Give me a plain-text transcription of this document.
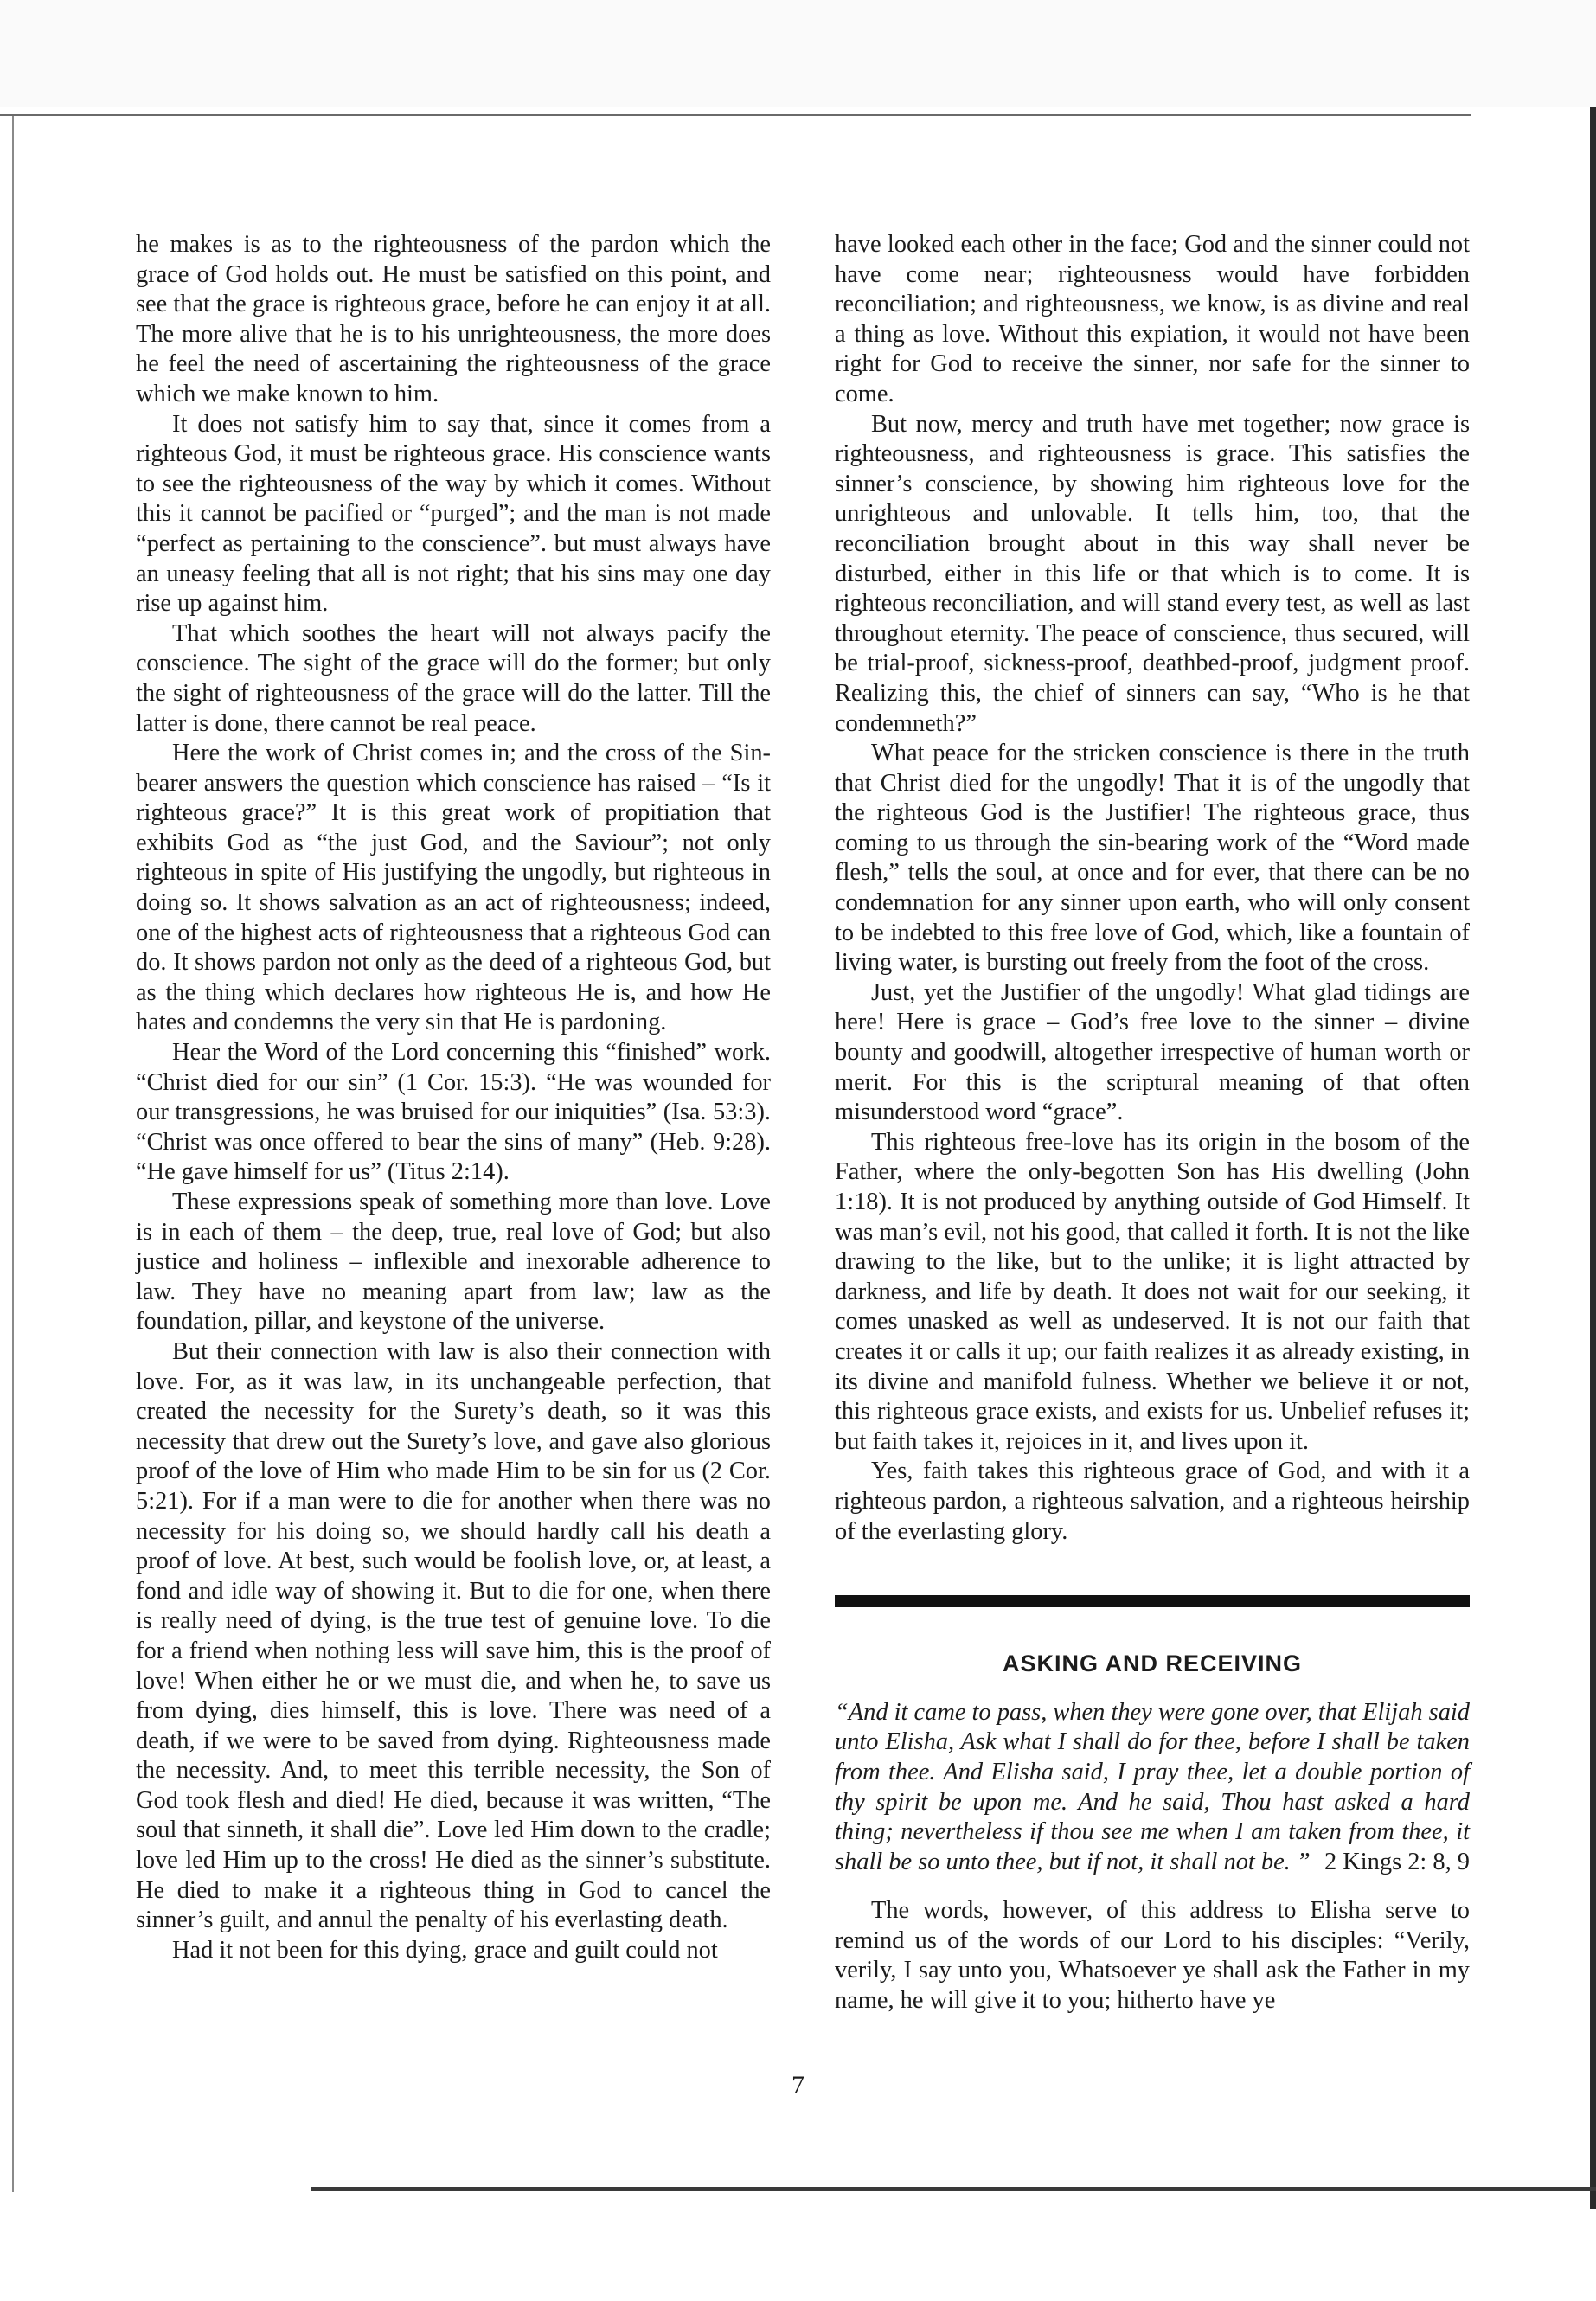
he makes is as to the righteousness of the pardon which the grace of God holds out. He must be satisfied on this point, and see that the grace is righteous grace, before he can enjoy it at all. The more alive that he is to his unrighteousness, the more does he feel the need of ascertaining the righteousness of the grace which we make known to him.

It does not satisfy him to say that, since it comes from a righteous God, it must be righteous grace. His conscience wants to see the righteousness of the way by which it comes. Without this it cannot be pacified or “purged”; and the man is not made “perfect as pertaining to the conscience”. but must always have an uneasy feeling that all is not right; that his sins may one day rise up against him.

That which soothes the heart will not always pacify the conscience. The sight of the grace will do the former; but only the sight of righteousness of the grace will do the latter. Till the latter is done, there cannot be real peace.

Here the work of Christ comes in; and the cross of the Sin-bearer answers the question which conscience has raised – “Is it righteous grace?” It is this great work of propitiation that exhibits God as “the just God, and the Saviour”; not only righteous in spite of His justifying the ungodly, but righteous in doing so. It shows salvation as an act of righteousness; indeed, one of the highest acts of righteousness that a righteous God can do. It shows pardon not only as the deed of a righteous God, but as the thing which declares how righteous He is, and how He hates and condemns the very sin that He is pardoning.

Hear the Word of the Lord concerning this “finished” work. “Christ died for our sin” (1 Cor. 15:3). “He was wounded for our transgressions, he was bruised for our iniquities” (Isa. 53:3). “Christ was once offered to bear the sins of many” (Heb. 9:28). “He gave himself for us” (Titus 2:14).

These expressions speak of something more than love. Love is in each of them – the deep, true, real love of God; but also justice and holiness – inflexible and inexorable adherence to law. They have no meaning apart from law; law as the foundation, pillar, and keystone of the universe.

But their connection with law is also their connection with love. For, as it was law, in its unchangeable perfection, that created the necessity for the Surety’s death, so it was this necessity that drew out the Surety’s love, and gave also glorious proof of the love of Him who made Him to be sin for us (2 Cor. 5:21). For if a man were to die for another when there was no necessity for his doing so, we should hardly call his death a proof of love. At best, such would be foolish love, or, at least, a fond and idle way of showing it. But to die for one, when there is really need of dying, is the true test of genuine love. To die for a friend when nothing less will save him, this is the proof of love! When either he or we must die, and when he, to save us from dying, dies himself, this is love. There was need of a death, if we were to be saved from dying. Righteousness made the necessity. And, to meet this terrible necessity, the Son of God took flesh and died! He died, because it was written, “The soul that sinneth, it shall die”. Love led Him down to the cradle; love led Him up to the cross! He died as the sinner’s substitute. He died to make it a righteous thing in God to cancel the sinner’s guilt, and annul the penalty of his everlasting death.

Had it not been for this dying, grace and guilt could not

have looked each other in the face; God and the sinner could not have come near; righteousness would have forbidden reconciliation; and righteousness, we know, is as divine and real a thing as love. Without this expiation, it would not have been right for God to receive the sinner, nor safe for the sinner to come.

But now, mercy and truth have met together; now grace is righteousness, and righteousness is grace. This satisfies the sinner’s conscience, by showing him righteous love for the unrighteous and unlovable. It tells him, too, that the reconciliation brought about in this way shall never be disturbed, either in this life or that which is to come. It is righteous reconciliation, and will stand every test, as well as last throughout eternity. The peace of conscience, thus secured, will be trial-proof, sickness-proof, deathbed-proof, judgment proof. Realizing this, the chief of sinners can say, “Who is he that condemneth?”

What peace for the stricken conscience is there in the truth that Christ died for the ungodly! That it is of the ungodly that the righteous God is the Justifier! The righteous grace, thus coming to us through the sin-bearing work of the “Word made flesh,” tells the soul, at once and for ever, that there can be no condemnation for any sinner upon earth, who will only consent to be indebted to this free love of God, which, like a fountain of living water, is bursting out freely from the foot of the cross.

Just, yet the Justifier of the ungodly! What glad tidings are here! Here is grace – God’s free love to the sinner – divine bounty and goodwill, altogether irrespective of human worth or merit. For this is the scriptural meaning of that often misunderstood word “grace”.

This righteous free-love has its origin in the bosom of the Father, where the only-begotten Son has His dwelling (John 1:18). It is not produced by anything outside of God Himself. It was man’s evil, not his good, that called it forth. It is not the like drawing to the like, but to the unlike; it is light attracted by darkness, and life by death. It does not wait for our seeking, it comes unasked as well as undeserved. It is not our faith that creates it or calls it up; our faith realizes it as already existing, in its divine and manifold fulness. Whether we believe it or not, this righteous grace exists, and exists for us. Unbelief refuses it; but faith takes it, rejoices in it, and lives upon it.

Yes, faith takes this righteous grace of God, and with it a righteous pardon, a righteous salvation, and a righteous heirship of the everlasting glory.

ASKING AND RECEIVING

“And it came to pass, when they were gone over, that Elijah said unto Elisha, Ask what I shall do for thee, before I shall be taken from thee. And Elisha said, I pray thee, let a double portion of thy spirit be upon me. And he said, Thou hast asked a hard thing; nevertheless if thou see me when I am taken from thee, it shall be so unto thee, but if not, it shall not be. ” 2 Kings 2: 8, 9

The words, however, of this address to Elisha serve to remind us of the words of our Lord to his disciples: “Verily, verily, I say unto you, Whatsoever ye shall ask the Father in my name, he will give it to you; hitherto have ye

7
